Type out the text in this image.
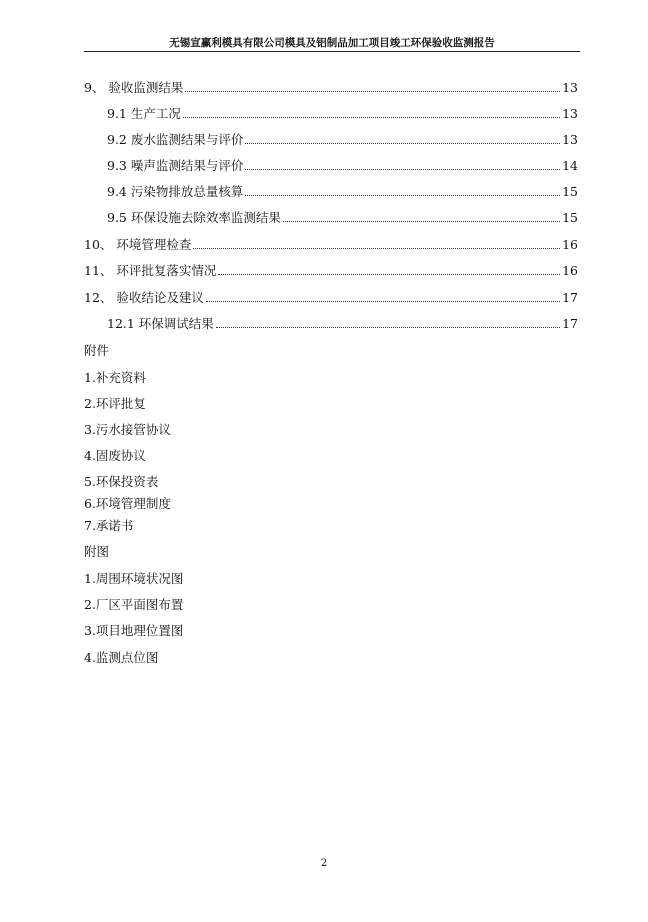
无锡宣赢利模具有限公司模具及铝制品加工项目竣工环保验收监测报告
9、 验收监测结果	13
9.1 生产工况	13
9.2 废水监测结果与评价	13
9.3 噪声监测结果与评价	14
9.4 污染物排放总量核算	15
9.5 环保设施去除效率监测结果	15
10、 环境管理检查	16
11、 环评批复落实情况	16
12、 验收结论及建议	17
12.1 环保调试结果	17
附件
1.补充资料
2.环评批复
3.污水接管协议
4.固废协议
5.环保投资表
6.环境管理制度
7.承诺书
附图
1.周围环境状况图
2.厂区平面图布置
3.项目地理位置图
4.监测点位图
2
